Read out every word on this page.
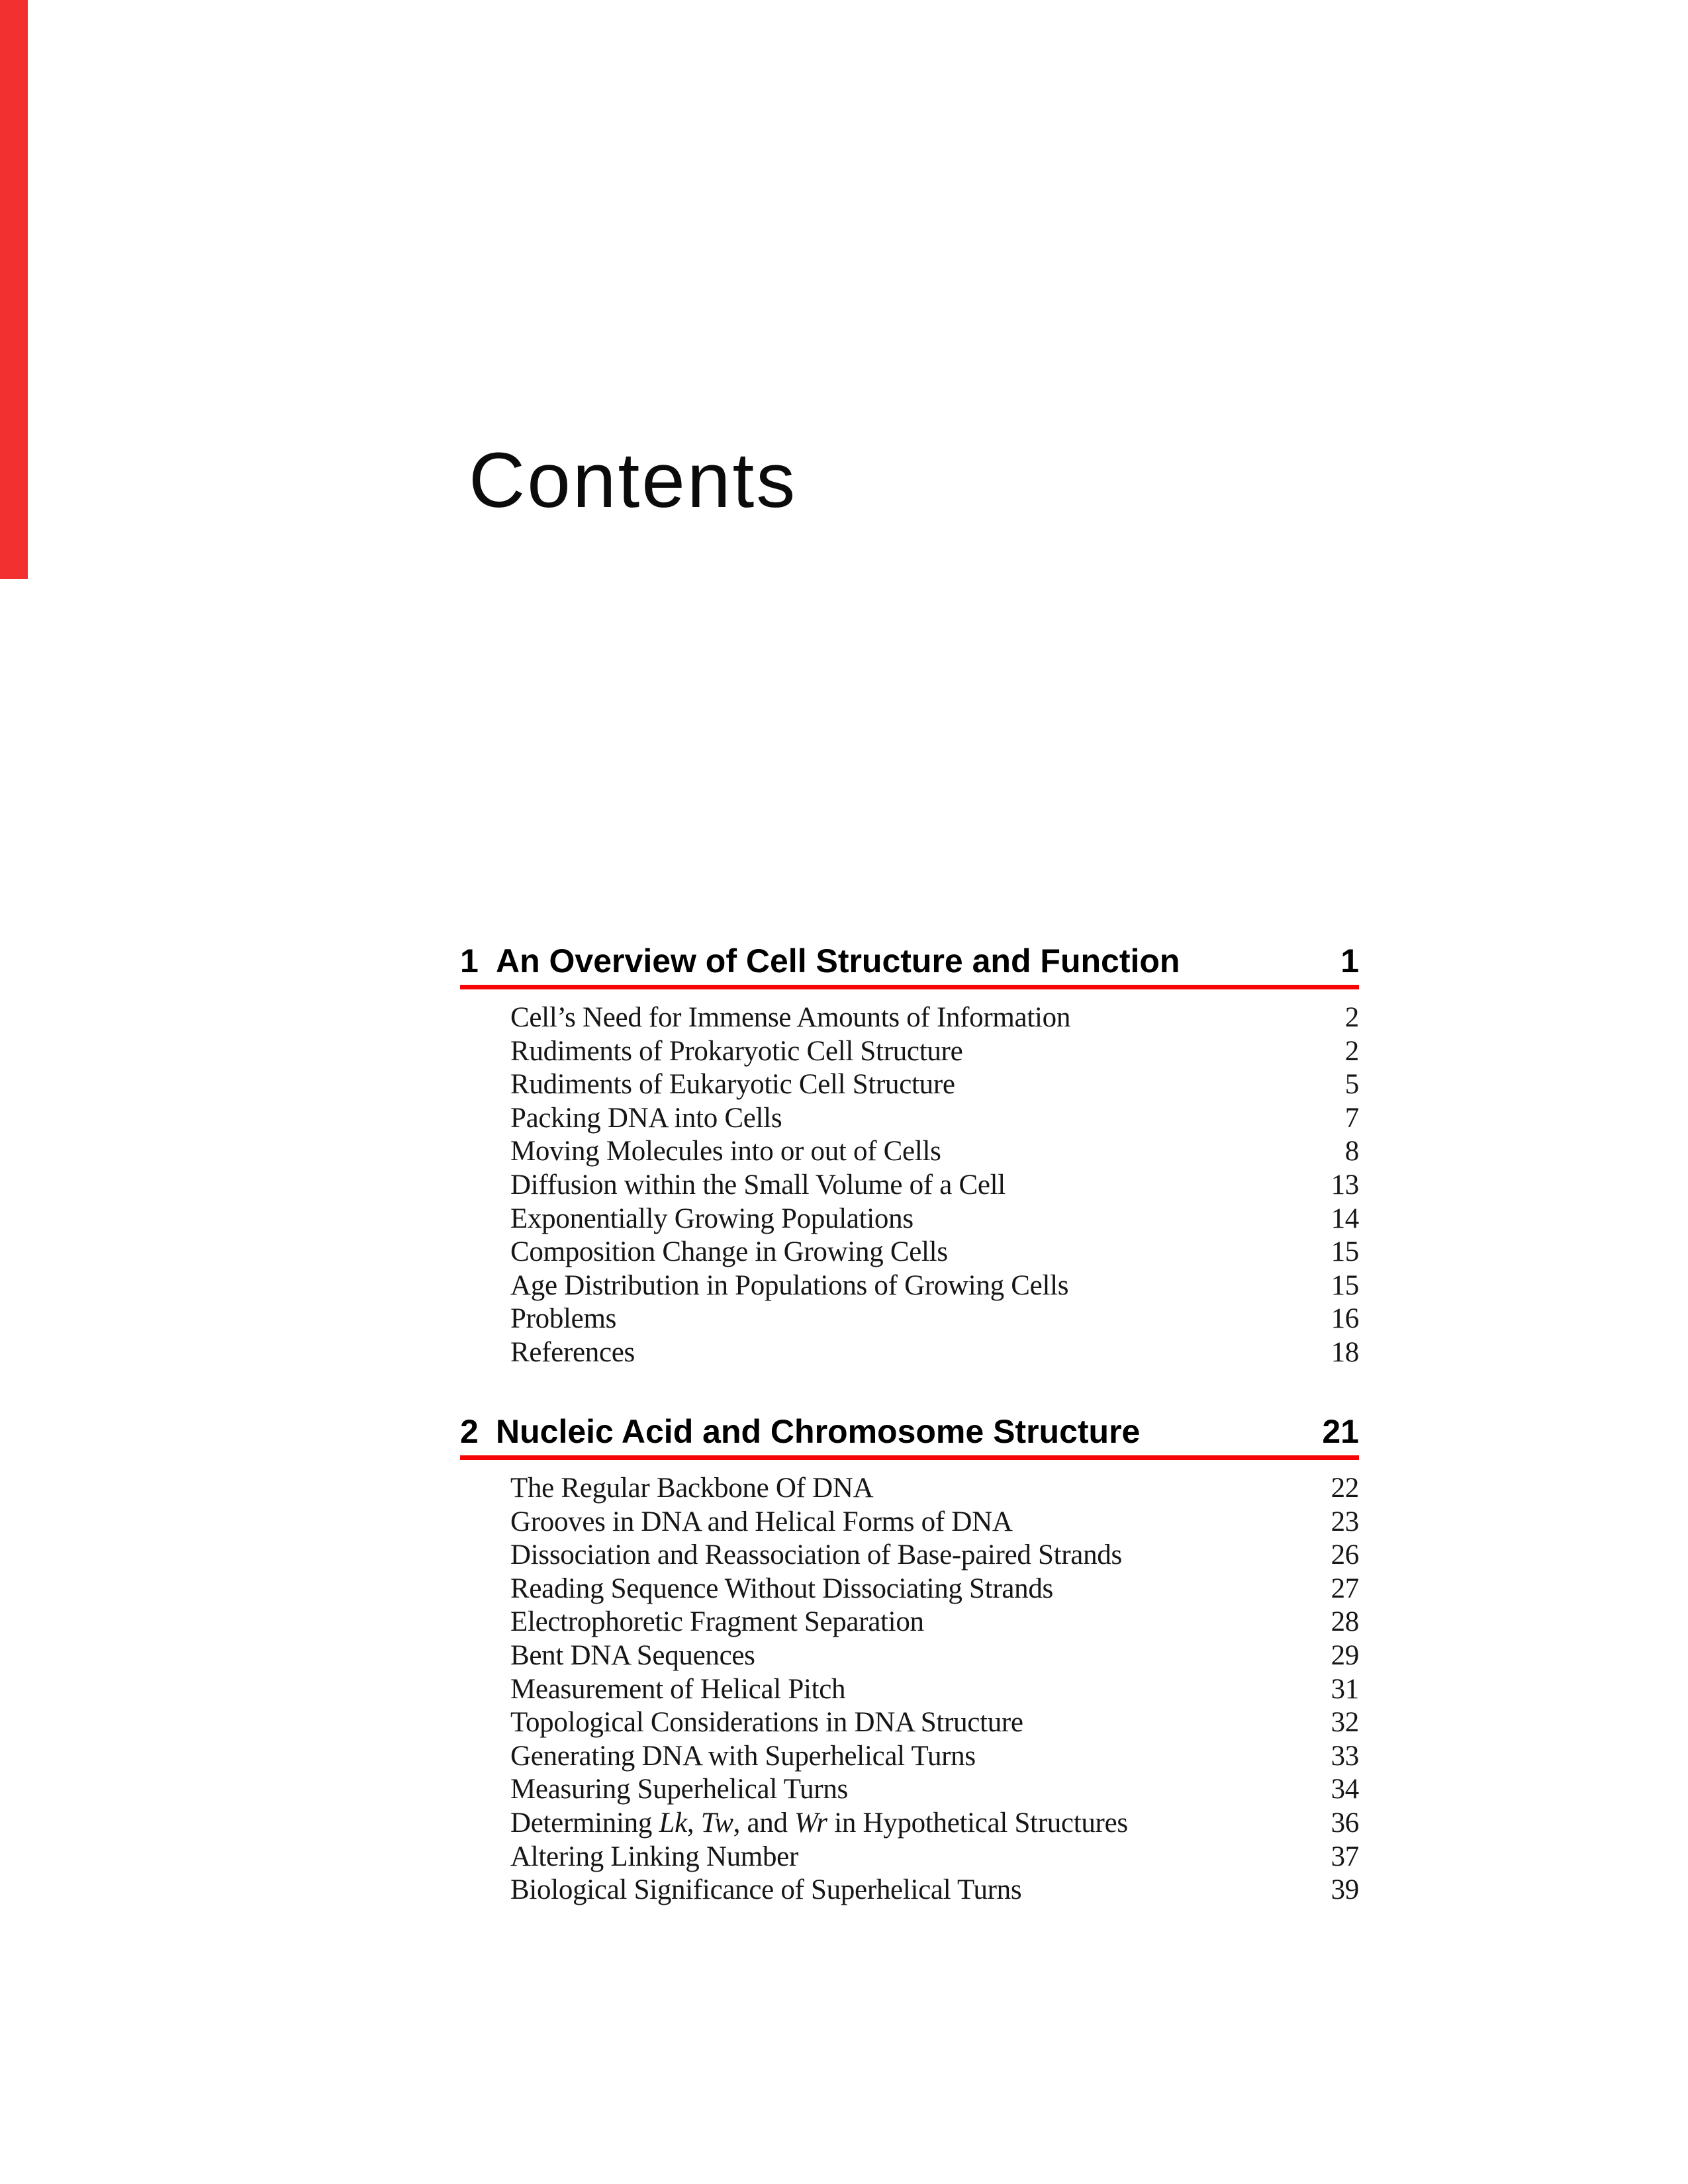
Contents
1 An Overview of Cell Structure and Function	1
Cell’s Need for Immense Amounts of Information	2
Rudiments of Prokaryotic Cell Structure	2
Rudiments of Eukaryotic Cell Structure	5
Packing DNA into Cells	7
Moving Molecules into or out of Cells	8
Diffusion within the Small Volume of a Cell	13
Exponentially Growing Populations	14
Composition Change in Growing Cells	15
Age Distribution in Populations of Growing Cells	15
Problems	16
References	18
2 Nucleic Acid and Chromosome Structure	21
The Regular Backbone Of DNA	22
Grooves in DNA and Helical Forms of DNA	23
Dissociation and Reassociation of Base-paired Strands	26
Reading Sequence Without Dissociating Strands	27
Electrophoretic Fragment Separation	28
Bent DNA Sequences	29
Measurement of Helical Pitch	31
Topological Considerations in DNA Structure	32
Generating DNA with Superhelical Turns	33
Measuring Superhelical Turns	34
Determining Lk, Tw, and Wr in Hypothetical Structures	36
Altering Linking Number	37
Biological Significance of Superhelical Turns	39
